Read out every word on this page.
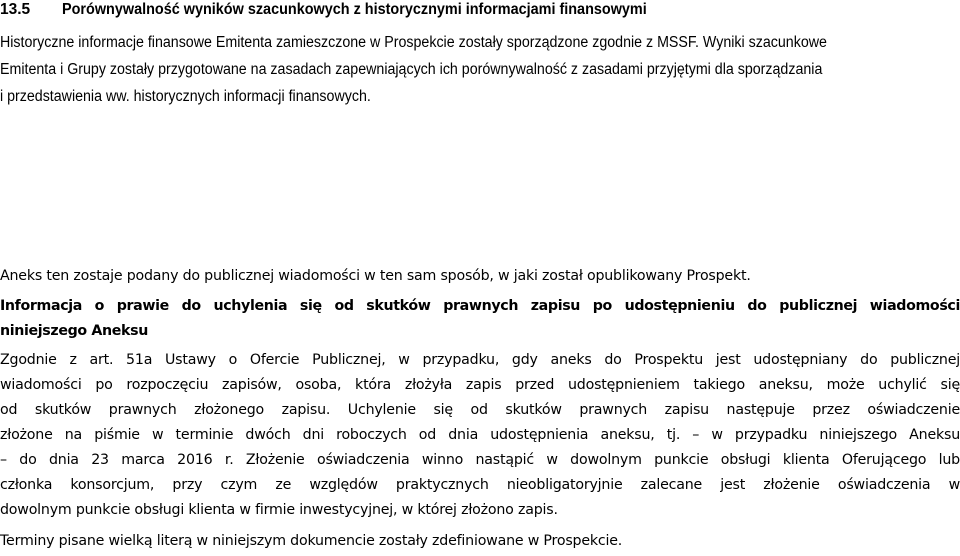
13.5 Porównywalność wyników szacunkowych z historycznymi informacjami finansowymi
Historyczne informacje finansowe Emitenta zamieszczone w Prospekcie zostały sporządzone zgodnie z MSSF. Wyniki szacunkowe
Emitenta i Grupy zostały przygotowane na zasadach zapewniających ich porównywalność z zasadami przyjętymi dla sporządzania
i przedstawienia ww. historycznych informacji finansowych.
Aneks ten zostaje podany do publicznej wiadomości w ten sam sposób, w jaki został opublikowany Prospekt.
Informacja o prawie do uchylenia się od skutków prawnych zapisu po udostępnieniu do publicznej wiadomości
niniejszego Aneksu
Zgodnie z art. 51a Ustawy o Ofercie Publicznej, w przypadku, gdy aneks do Prospektu jest udostępniany do publicznej
wiadomości po rozpoczęciu zapisów, osoba, która złożyła zapis przed udostępnieniem takiego aneksu, może uchylić się
od skutków prawnych złożonego zapisu. Uchylenie się od skutków prawnych zapisu następuje przez oświadczenie
złożone na piśmie w terminie dwóch dni roboczych od dnia udostępnienia aneksu, tj. – w przypadku niniejszego Aneksu
– do dnia 23 marca 2016 r. Złożenie oświadczenia winno nastąpić w dowolnym punkcie obsługi klienta Oferującego lub
członka konsorcjum, przy czym ze względów praktycznych nieobligatoryjnie zalecane jest złożenie oświadczenia w
dowolnym punkcie obsługi klienta w firmie inwestycyjnej, w której złożono zapis.
Terminy pisane wielką literą w niniejszym dokumencie zostały zdefiniowane w Prospekcie.
